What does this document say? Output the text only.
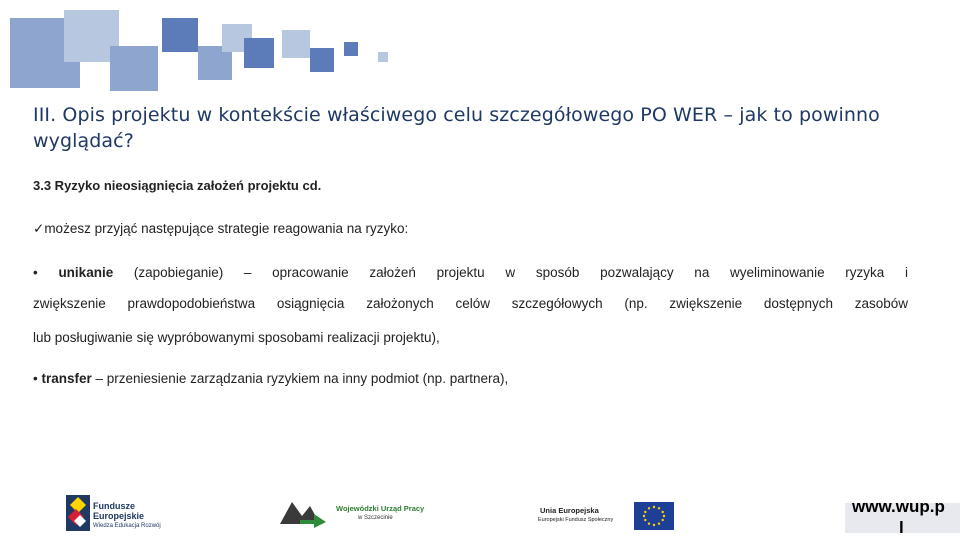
III. Opis projektu w kontekście właściwego celu szczegółowego PO WER – jak to powinno wyglądać?
3.3 Ryzyko nieosiągnięcia założeń projektu cd.
✓możesz przyjąć następujące strategie reagowania na ryzyko:
• unikanie (zapobieganie) – opracowanie założeń projektu w sposób pozwalający na wyeliminowanie ryzyka i
zwiększenie prawdopodobieństwa osiągnięcia założonych celów szczegółowych (np. zwiększenie dostępnych zasobów
lub posługiwanie się wypróbowanymi sposobami realizacji projektu),
• transfer – przeniesienie zarządzania ryzykiem na inny podmiot (np. partnera),
Fundusze
Europejskie
Wiedza Edukacja Rozwój
Wojewódzki Urząd Pracy
w Szczecinie
Unia Europejska
Europejski Fundusz Społeczny
www.wup.p
l
